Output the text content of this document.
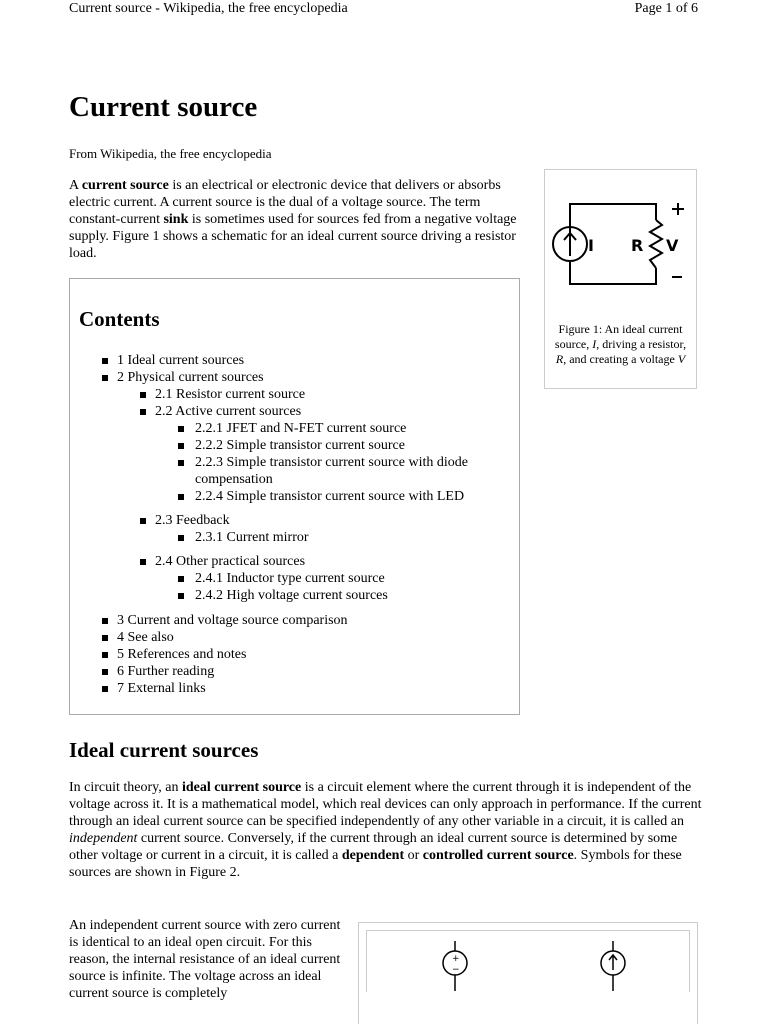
Current source - Wikipedia, the free encyclopedia	Page 1 of 6
Current source
From Wikipedia, the free encyclopedia

A current source is an electrical or electronic device that delivers or absorbs electric current. A current source is the dual of a voltage source. The term constant-current sink is sometimes used for sources fed from a negative voltage supply. Figure 1 shows a schematic for an ideal current source driving a resistor load.

Contents
1 Ideal current sources
2 Physical current sources
2.1 Resistor current source
2.2 Active current sources
2.2.1 JFET and N-FET current source
2.2.2 Simple transistor current source
2.2.3 Simple transistor current source with diode compensation
2.2.4 Simple transistor current source with LED
2.3 Feedback
2.3.1 Current mirror
2.4 Other practical sources
2.4.1 Inductor type current source
2.4.2 High voltage current sources
3 Current and voltage source comparison
4 See also
5 References and notes
6 Further reading
7 External links
I R V
Figure 1: An ideal current source, I, driving a resistor, R, and creating a voltage V
Ideal current sources

In circuit theory, an ideal current source is a circuit element where the current through it is independent of the voltage across it. It is a mathematical model, which real devices can only approach in performance. If the current through an ideal current source can be specified independently of any other variable in a circuit, it is called an independent current source. Conversely, if the current through an ideal current source is determined by some other voltage or current in a circuit, it is called a dependent or controlled current source. Symbols for these sources are shown in Figure 2.

An independent current source with zero current is identical to an ideal open circuit. For this reason, the internal resistance of an ideal current source is infinite. The voltage across an ideal current source is completely

+
−
